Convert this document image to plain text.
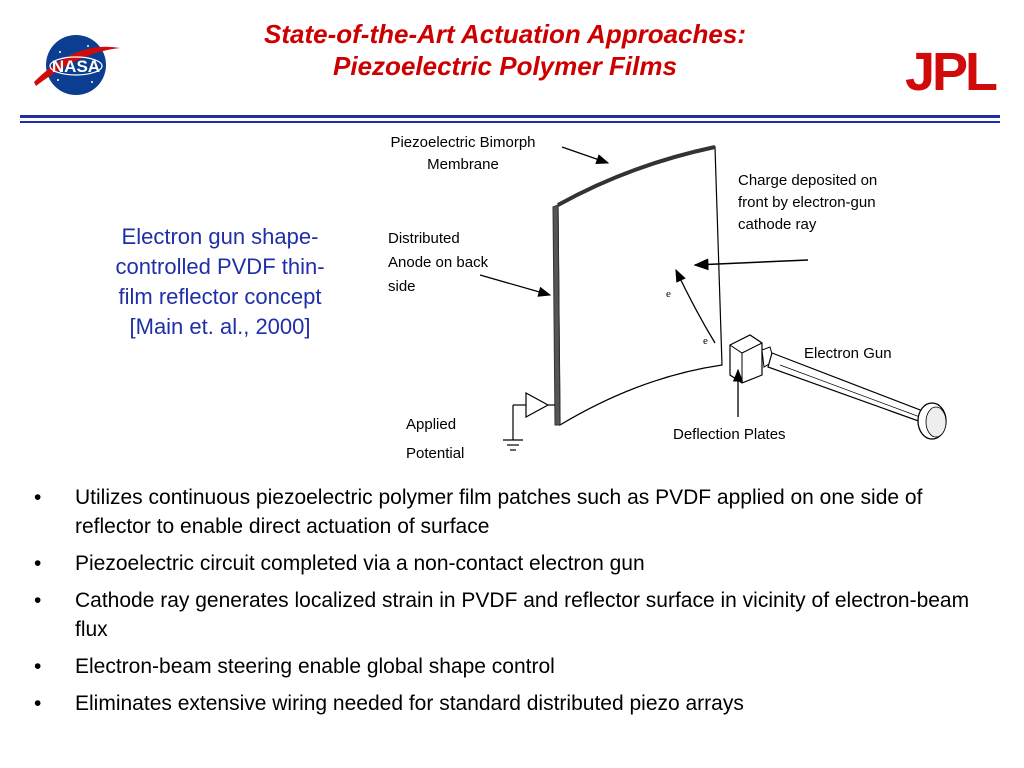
NASA	JPL
State-of-the-Art Actuation Approaches:
Piezoelectric Polymer Films
Electron gun shape-
controlled PVDF thin-
film reflector concept
[Main et. al., 2000]
e
e
Piezoelectric Bimorph
Membrane
Charge deposited on
front by electron-gun
cathode ray
Distributed
Anode on back
side
Electron Gun
Applied
Potential
Deflection Plates
• Utilizes continuous piezoelectric polymer film patches such as PVDF applied on one side of reflector to enable direct actuation of surface
• Piezoelectric circuit completed via a non-contact electron gun
• Cathode ray generates localized strain in PVDF and reflector surface in vicinity of electron-beam flux
• Electron-beam steering enable global shape control
• Eliminates extensive wiring needed for standard distributed piezo arrays
